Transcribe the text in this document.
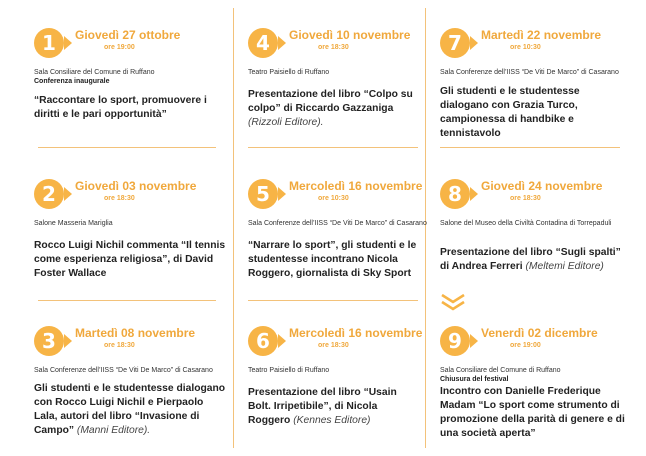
1	Giovedì 27 ottobre
ore 19:00
Sala Consiliare del Comune di Ruffano
Conferenza inaugurale
“Raccontare lo sport, promuovere i diritti e le pari opportunità”
2	Giovedì 03 novembre
ore 18:30
Salone Masseria Mariglia
Rocco Luigi Nichil commenta “Il tennis come esperienza religiosa”, di David Foster Wallace
3	Martedì 08 novembre
ore 18:30
Sala Conferenze dell’IISS “De Viti De Marco” di Casarano
Gli studenti e le studentesse dialogano con Rocco Luigi Nichil e Pierpaolo Lala, autori del libro “Invasione di Campo” (Manni Editore).
4	Giovedì 10 novembre
ore 18:30
Teatro Paisiello di Ruffano
Presentazione del libro “Colpo su colpo” di Riccardo Gazzaniga (Rizzoli Editore).
5	Mercoledì 16 novembre
ore 10:30
Sala Conferenze dell’IISS “De Viti De Marco” di Casarano
“Narrare lo sport”, gli studenti e le studentesse incontrano Nicola Roggero, giornalista di Sky Sport
6	Mercoledì 16 novembre
ore 18:30
Teatro Paisiello di Ruffano
Presentazione del libro “Usain Bolt. Irripetibile”, di Nicola Roggero (Kennes Editore)
7	Martedì 22 novembre
ore 10:30
Sala Conferenze dell’IISS “De Viti De Marco” di Casarano
Gli studenti e le studentesse dialogano con Grazia Turco, campionessa di handbike e tennistavolo
8	Giovedì 24 novembre
ore 18:30
Salone del Museo della Civiltà Contadina di Torrepaduli
Presentazione del libro “Sugli spalti” di Andrea Ferreri (Meltemi Editore)
9	Venerdì 02 dicembre
ore 19:00
Sala Consiliare del Comune di Ruffano
Chiusura del festival
Incontro con Danielle Frederique Madam “Lo sport come strumento di promozione della parità di genere e di una società aperta”
